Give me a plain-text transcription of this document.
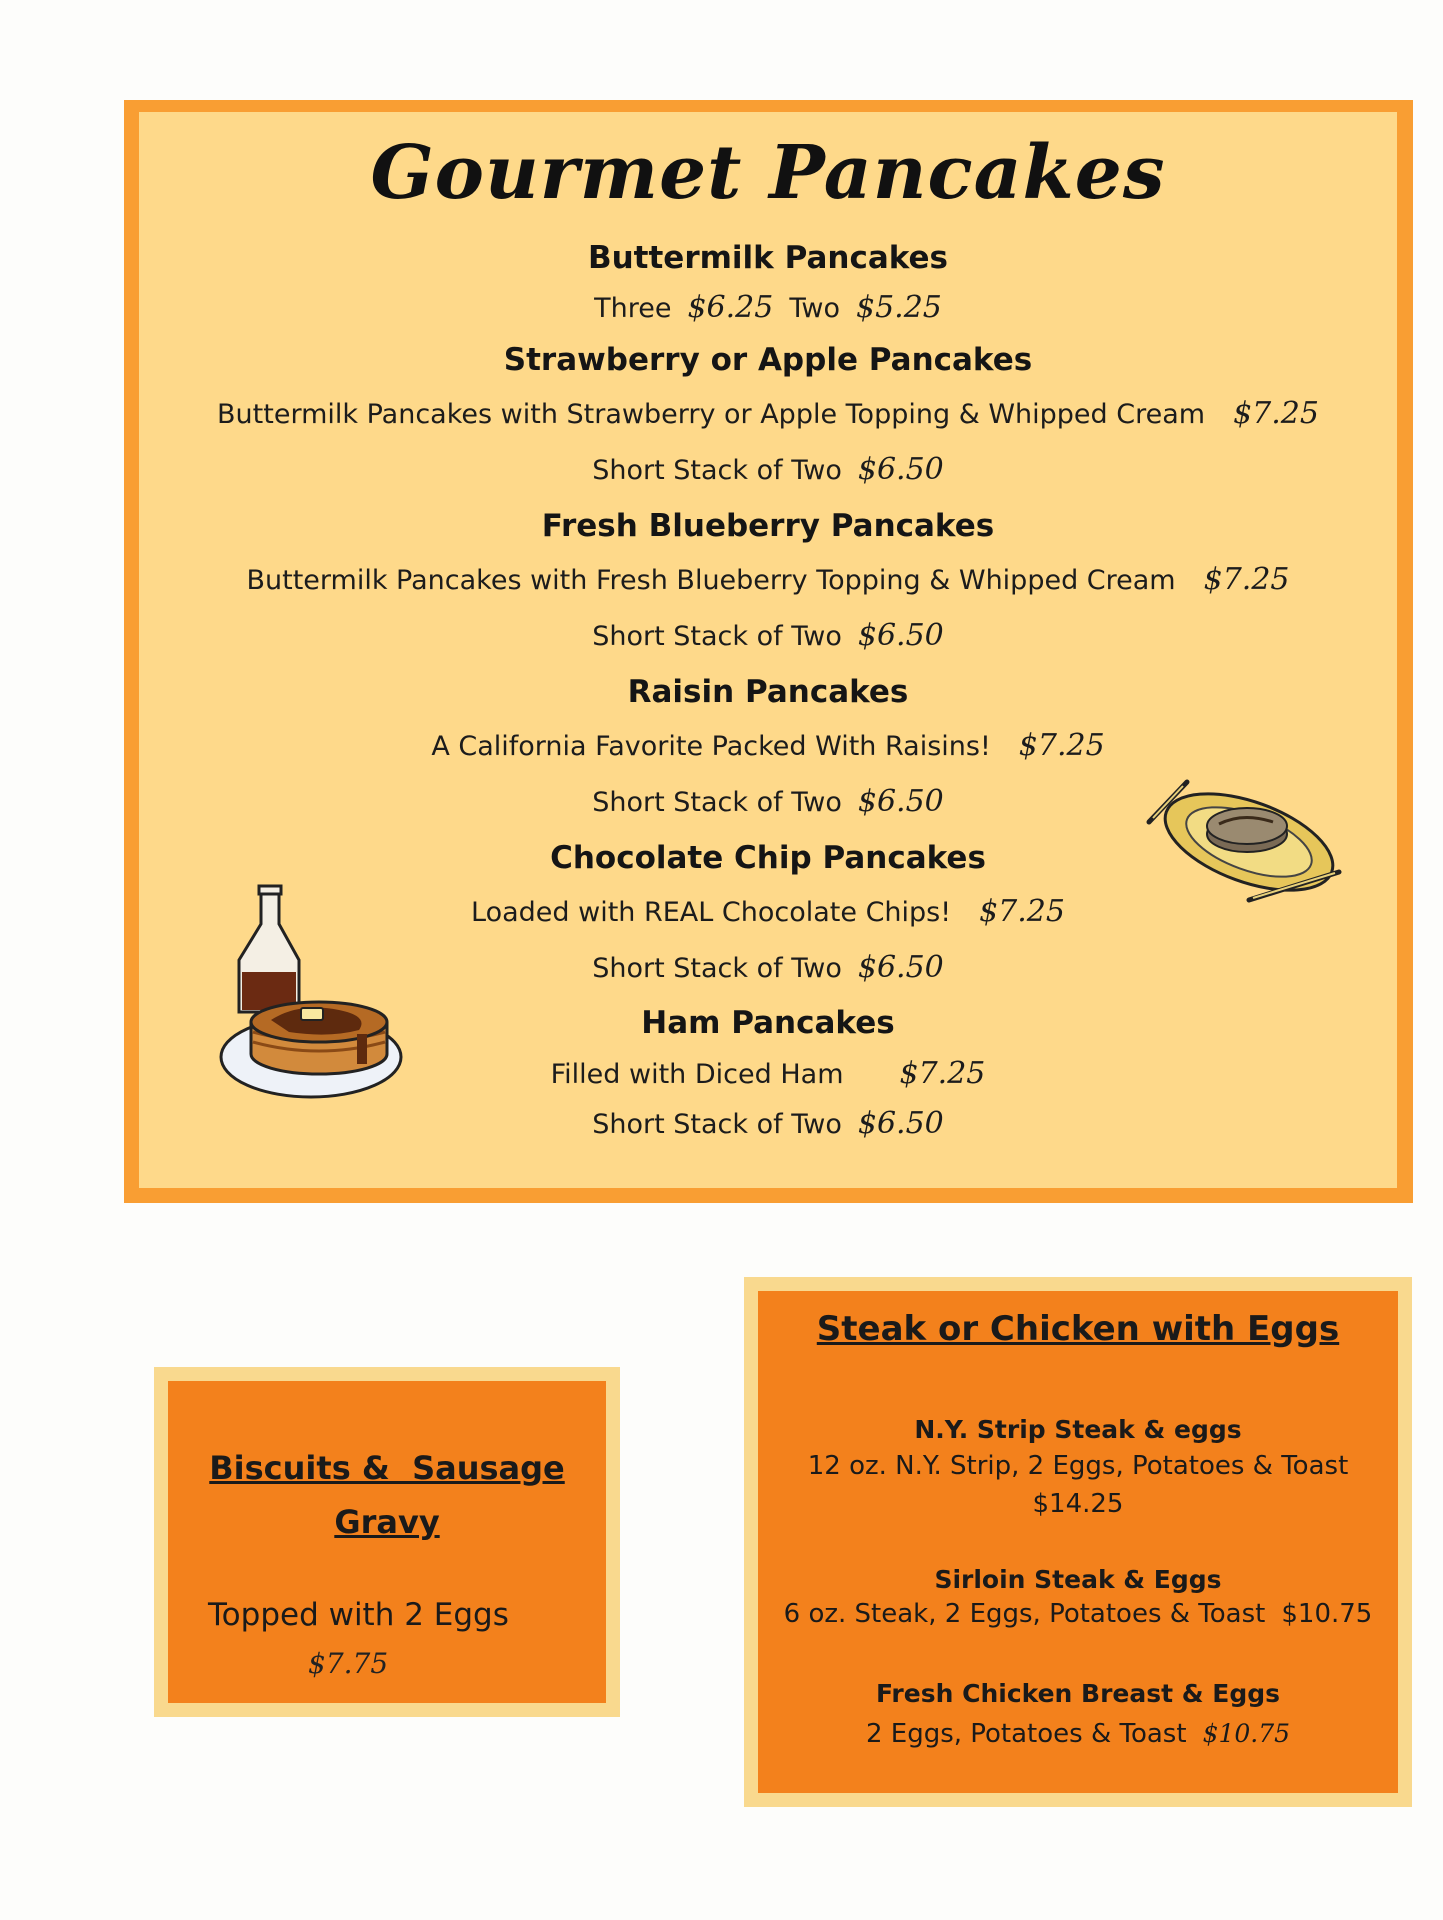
Gourmet Pancakes
Buttermilk Pancakes
Three $6.25 Two $5.25
Strawberry or Apple Pancakes
Buttermilk Pancakes with Strawberry or Apple Topping & Whipped Cream $7.25
Short Stack of Two $6.50
Fresh Blueberry Pancakes
Buttermilk Pancakes with Fresh Blueberry Topping & Whipped Cream $7.25
Short Stack of Two $6.50
Raisin Pancakes
A California Favorite Packed With Raisins! $7.25
Short Stack of Two $6.50
Chocolate Chip Pancakes
Loaded with REAL Chocolate Chips! $7.25
Short Stack of Two $6.50
Ham Pancakes
Filled with Diced Ham $7.25
Short Stack of Two $6.50
Biscuits &  Sausage
Gravy
Topped with 2 Eggs
$7.75
Steak or Chicken with Eggs
N.Y. Strip Steak & eggs
12 oz. N.Y. Strip, 2 Eggs, Potatoes & Toast
$14.25
Sirloin Steak & Eggs
6 oz. Steak, 2 Eggs, Potatoes & Toast $10.75
Fresh Chicken Breast & Eggs
2 Eggs, Potatoes & Toast $10.75
